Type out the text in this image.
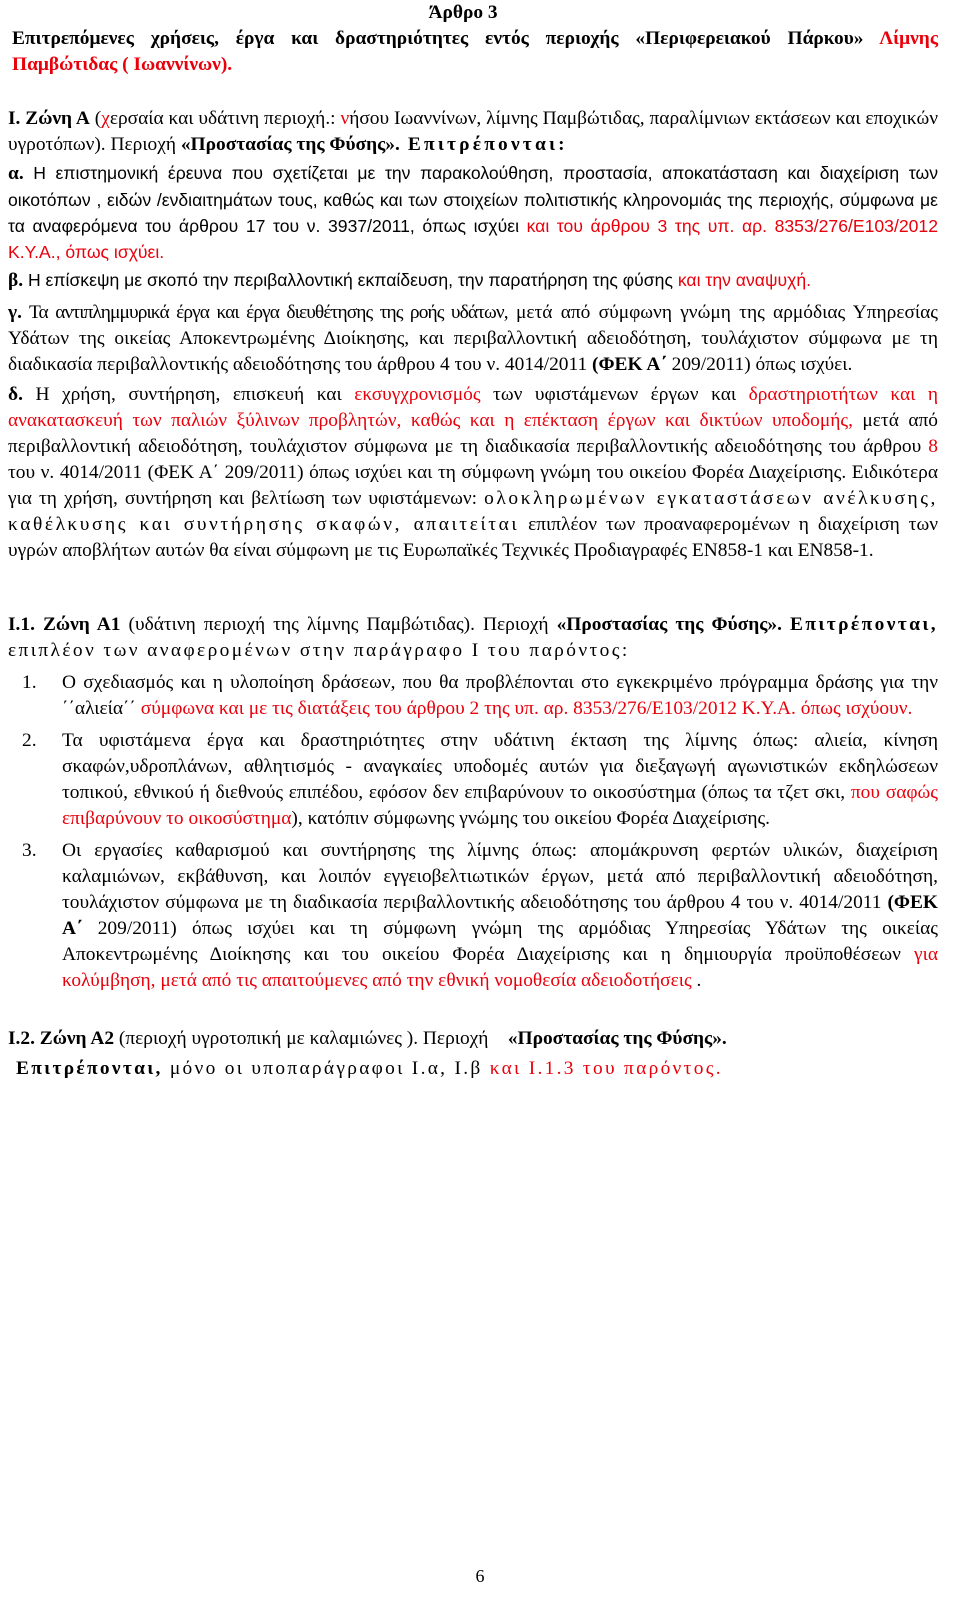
Άρθρο 3

Επιτρεπόμενες χρήσεις, έργα και δραστηριότητες εντός περιοχής «Περιφερειακού Πάρκου» Λίμνης Παμβώτιδας ( Ιωαννίνων).

Ι. Ζώνη Α (χερσαία και υδάτινη περιοχή.: νήσου Ιωαννίνων, λίμνης Παμβώτιδας, παραλίμνιων εκτάσεων και εποχικών υγροτόπων). Περιοχή «Προστασίας της Φύσης». Επιτρέπονται:

α. Η επιστημονική έρευνα που σχετίζεται με την παρακολούθηση, προστασία, αποκατάσταση και διαχείριση των οικοτόπων , ειδών /ενδιαιτημάτων τους, καθώς και των στοιχείων πολιτιστικής κληρονομιάς της περιοχής, σύμφωνα με τα αναφερόμενα του άρθρου 17 του ν. 3937/2011, όπως ισχύει και του άρθρου 3 της υπ. αρ. 8353/276/Ε103/2012 Κ.Υ.Α., όπως ισχύει.

β. Η επίσκεψη με σκοπό την περιβαλλοντική εκπαίδευση, την παρατήρηση της φύσης και την αναψυχή.

γ. Τα αντιπλημμυρικά έργα και έργα διευθέτησης της ροής υδάτων, μετά από σύμφωνη γνώμη της αρμόδιας Υπηρεσίας Υδάτων της οικείας Αποκεντρωμένης Διοίκησης, και περιβαλλοντική αδειοδότηση, τουλάχιστον σύμφωνα με τη διαδικασία περιβαλλοντικής αδειοδότησης του άρθρου 4 του ν. 4014/2011 (ΦΕΚ Α΄ 209/2011) όπως ισχύει.

δ. Η χρήση, συντήρηση, επισκευή και εκσυγχρονισμός των υφιστάμενων έργων και δραστηριοτήτων και η ανακατασκευή των παλιών ξύλινων προβλητών, καθώς και η επέκταση έργων και δικτύων υποδομής, μετά από περιβαλλοντική αδειοδότηση, τουλάχιστον σύμφωνα με τη διαδικασία περιβαλλοντικής αδειοδότησης του άρθρου 8 του ν. 4014/2011 (ΦΕΚ Α΄ 209/2011) όπως ισχύει και τη σύμφωνη γνώμη του οικείου Φορέα Διαχείρισης. Ειδικότερα για τη χρήση, συντήρηση και βελτίωση των υφιστάμενων: ολοκληρωμένων εγκαταστάσεων ανέλκυσης, καθέλκυσης και συντήρησης σκαφών, απαιτείται επιπλέον των προαναφερομένων η διαχείριση των υγρών αποβλήτων αυτών θα είναι σύμφωνη με τις Ευρωπαϊκές Τεχνικές Προδιαγραφές EN858-1 και EN858-1.

Ι.1. Ζώνη Α1 (υδάτινη περιοχή της λίμνης Παμβώτιδας). Περιοχή «Προστασίας της Φύσης». Επιτρέπονται, επιπλέον των αναφερομένων στην παράγραφο Ι του παρόντος:

1.	Ο σχεδιασμός και η υλοποίηση δράσεων, που θα προβλέπονται στο εγκεκριμένο πρόγραμμα δράσης για την ΄΄αλιεία΄΄ σύμφωνα και με τις διατάξεις του άρθρου 2 της υπ. αρ. 8353/276/Ε103/2012 Κ.Υ.Α. όπως ισχύουν.
2.	Τα υφιστάμενα έργα και δραστηριότητες στην υδάτινη έκταση της λίμνης όπως: αλιεία, κίνηση σκαφών,υδροπλάνων, αθλητισμός - αναγκαίες υποδομές αυτών για διεξαγωγή αγωνιστικών εκδηλώσεων τοπικού, εθνικού ή διεθνούς επιπέδου, εφόσον δεν επιβαρύνουν το οικοσύστημα (όπως τα τζετ σκι, που σαφώς επιβαρύνουν το οικοσύστημα), κατόπιν σύμφωνης γνώμης του οικείου Φορέα Διαχείρισης.
3.	Οι εργασίες καθαρισμού και συντήρησης της λίμνης όπως: απομάκρυνση φερτών υλικών, διαχείριση καλαμιώνων, εκβάθυνση, και λοιπόν εγγειοβελτιωτικών έργων, μετά από περιβαλλοντική αδειοδότηση, τουλάχιστον σύμφωνα με τη διαδικασία περιβαλλοντικής αδειοδότησης του άρθρου 4 του ν. 4014/2011 (ΦΕΚ Α΄ 209/2011) όπως ισχύει και τη σύμφωνη γνώμη της αρμόδιας Υπηρεσίας Υδάτων της οικείας Αποκεντρωμένης Διοίκησης και του οικείου Φορέα Διαχείρισης και η δημιουργία προϋποθέσεων για κολύμβηση, μετά από τις απαιτούμενες από την εθνική νομοθεσία αδειοδοτήσεις .

Ι.2. Ζώνη Α2 (περιοχή υγροτοπική με καλαμιώνες ). Περιοχή    «Προστασίας της Φύσης».

Επιτρέπονται, μόνο οι υποπαράγραφοι Ι.α, Ι.β και Ι.1.3 του παρόντος.

6
